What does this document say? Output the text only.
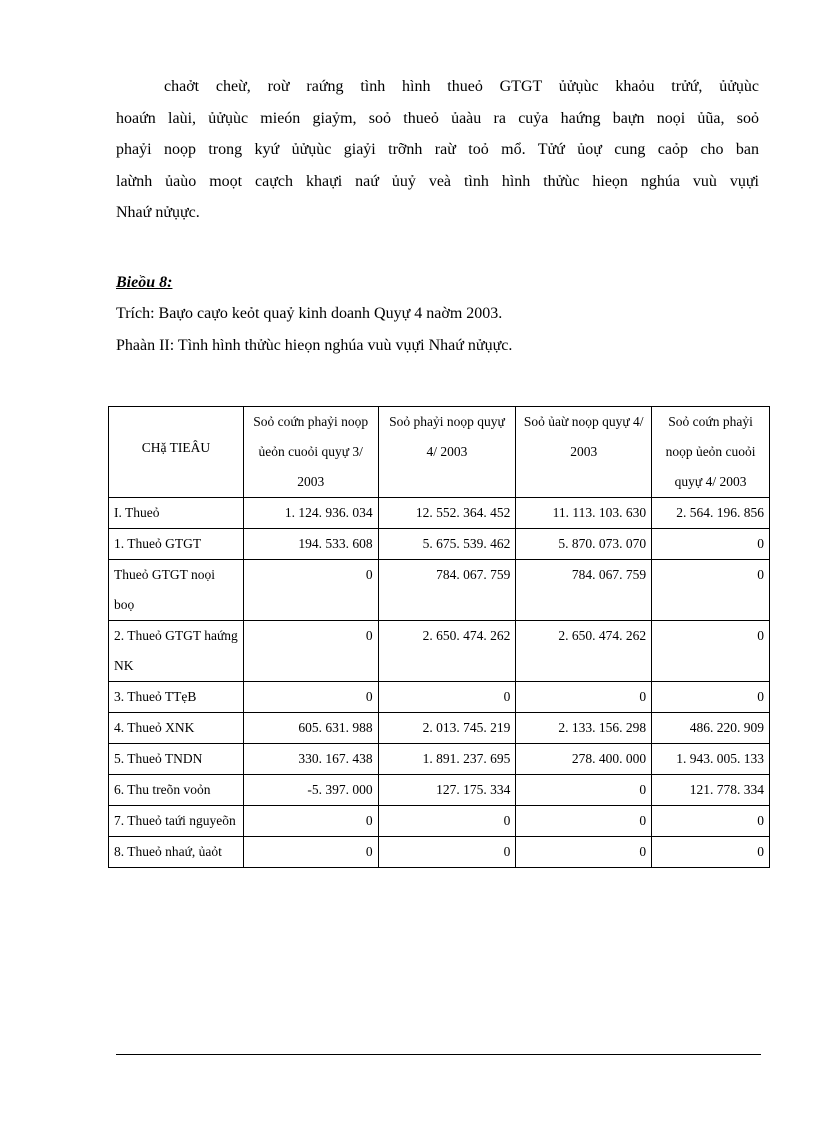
chaởt cheừ, roừ raứng tình hình thueỏ GTGT ủửụùc khaỏu trửứ, ủửụùc
hoaứn laùi, ủửụùc mieón giaỷm, soỏ thueỏ ủaàu ra cuỷa haứng baựn noọi ủũa, soỏ
phaỷi noọp trong kyứ ủửụùc giaỷi trỡnh raừ toỏ mổ. Tửứ ủoự cung caỏp cho ban
laừnh ủaùo moọt caựch khaựi naứ ủuỷ veà tình hình thửùc hieọn nghúa vuù vụựi
Nhaứ nửụực.

Bieồu 8:

Trích: Baựo caựo keỏt quaỷ kinh doanh Quyự 4 naờm 2003.

Phaàn II: Tình hình thửùc hieọn nghúa vuù vụựi Nhaứ nửụực.

CHặ TIEÂU	Soỏ coứn phaỷi noọp ủeỏn cuoỏi quyự 3/ 2003	Soỏ phaỷi noọp quyự 4/ 2003	Soỏ ủaừ noọp quyự 4/ 2003	Soỏ coứn phaỷi noọp ủeỏn cuoỏi quyự 4/ 2003
I. Thueỏ	1. 124. 936. 034	12. 552. 364. 452	11. 113. 103. 630	2. 564. 196. 856
1. Thueỏ GTGT	194. 533. 608	5. 675. 539. 462	5. 870. 073. 070	0
Thueỏ GTGT noọi boọ	0	784. 067. 759	784. 067. 759	0
2. Thueỏ GTGT haứng NK	0	2. 650. 474. 262	2. 650. 474. 262	0
3. Thueỏ TTẹB	0	0	0	0
4. Thueỏ XNK	605. 631. 988	2. 013. 745. 219	2. 133. 156. 298	486. 220. 909
5. Thueỏ TNDN	330. 167. 438	1. 891. 237. 695	278. 400. 000	1. 943. 005. 133
6. Thu treõn voỏn	-5. 397. 000	127. 175. 334	0	121. 778. 334
7. Thueỏ taứi nguyeõn	0	0	0	0
8. Thueỏ nhaứ, ủaỏt	0	0	0	0
